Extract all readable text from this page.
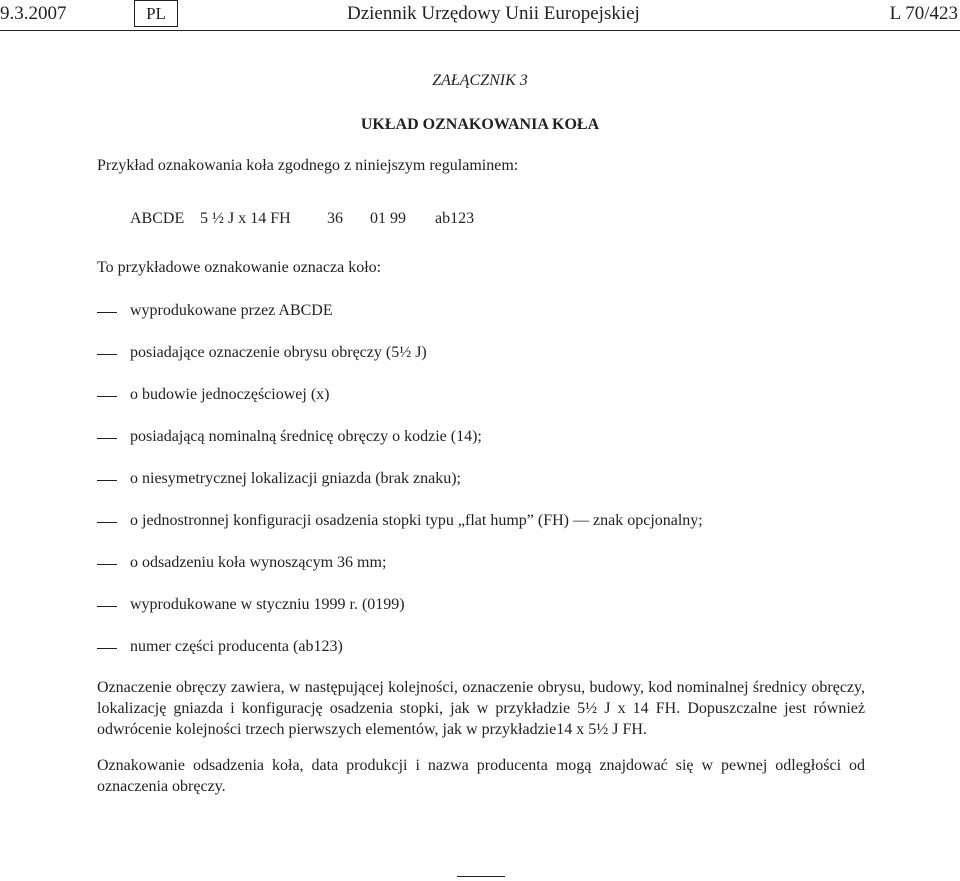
9.3.2007	PL	Dziennik Urzędowy Unii Europejskiej	L 70/423
ZAŁĄCZNIK 3
UKŁAD OZNAKOWANIA KOŁA
Przykład oznakowania koła zgodnego z niniejszym regulaminem:
ABCDE 5 ½ J x 14 FH 36 01 99 ab123
To przykładowe oznakowanie oznacza koło:
wyprodukowane przez ABCDE
posiadające oznaczenie obrysu obręczy (5½ J)
o budowie jednoczęściowej (x)
posiadającą nominalną średnicę obręczy o kodzie (14);
o niesymetrycznej lokalizacji gniazda (brak znaku);
o jednostronnej konfiguracji osadzenia stopki typu „flat hump” (FH) — znak opcjonalny;
o odsadzeniu koła wynoszącym 36 mm;
wyprodukowane w styczniu 1999 r. (0199)
numer części producenta (ab123)
Oznaczenie obręczy zawiera, w następującej kolejności, oznaczenie obrysu, budowy, kod nominalnej średnicy obręczy, lokalizację gniazda i konfigurację osadzenia stopki, jak w przykładzie 5½ J x 14 FH. Dopuszczalne jest również odwrócenie kolejności trzech pierwszych elementów, jak w przykładzie14 x 5½ J FH.
Oznakowanie odsadzenia koła, data produkcji i nazwa producenta mogą znajdować się w pewnej odległości od oznaczenia obręczy.
